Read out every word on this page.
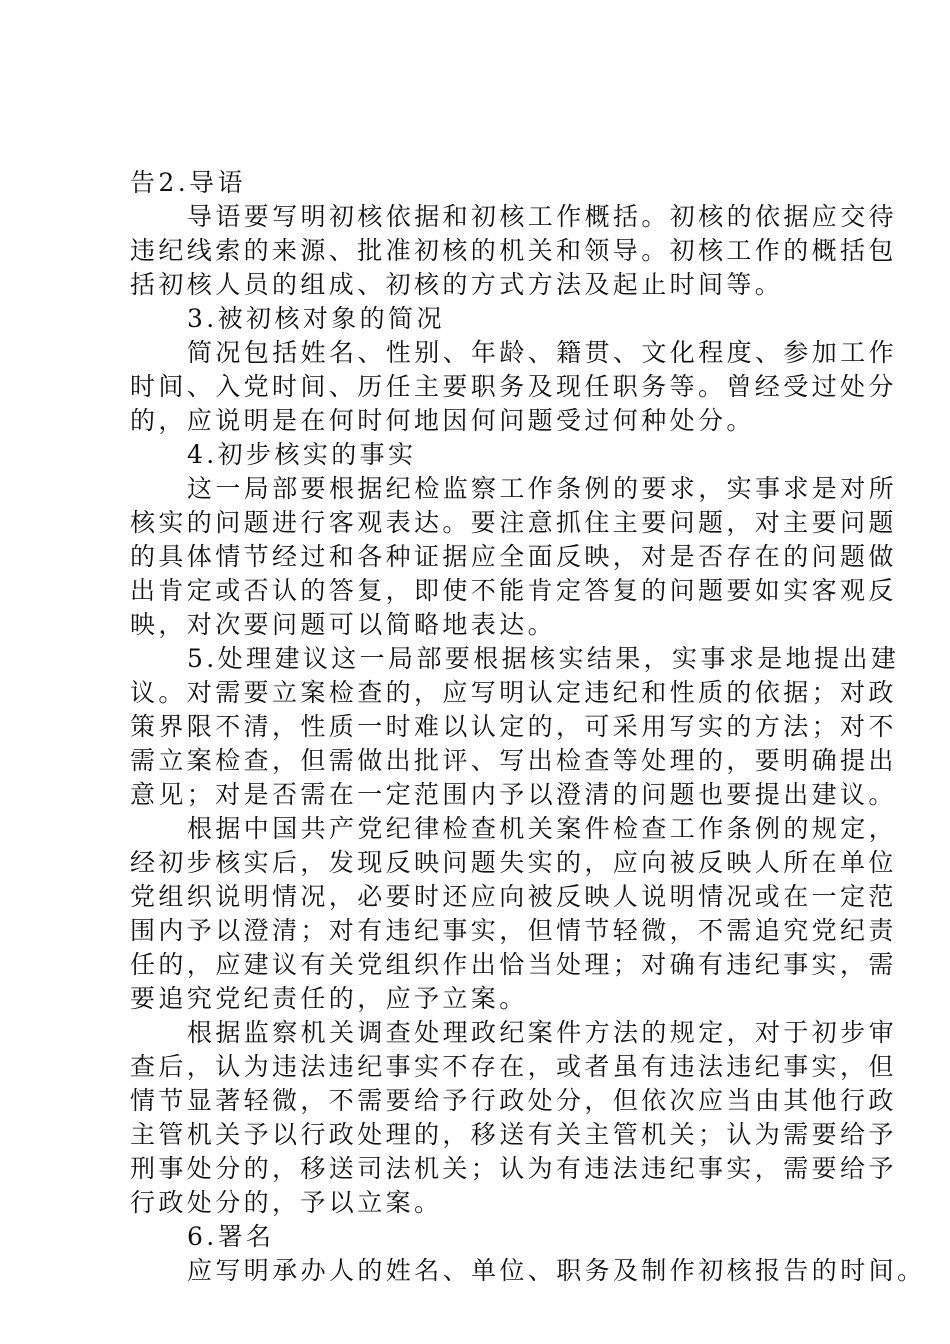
告2.导语
导语要写明初核依据和初核工作概括。初核的依据应交待
违纪线索的来源、批准初核的机关和领导。初核工作的概括包
括初核人员的组成、初核的方式方法及起止时间等。
3.被初核对象的简况
简况包括姓名、性别、年龄、籍贯、文化程度、参加工作
时间、入党时间、历任主要职务及现任职务等。曾经受过处分
的，应说明是在何时何地因何问题受过何种处分。
4.初步核实的事实
这一局部要根据纪检监察工作条例的要求，实事求是对所
核实的问题进行客观表达。要注意抓住主要问题，对主要问题
的具体情节经过和各种证据应全面反映，对是否存在的问题做
出肯定或否认的答复，即使不能肯定答复的问题要如实客观反
映，对次要问题可以简略地表达。
5.处理建议这一局部要根据核实结果，实事求是地提出建
议。对需要立案检查的，应写明认定违纪和性质的依据；对政
策界限不清，性质一时难以认定的，可采用写实的方法；对不
需立案检查，但需做出批评、写出检查等处理的，要明确提出
意见；对是否需在一定范围内予以澄清的问题也要提出建议。
根据中国共产党纪律检查机关案件检查工作条例的规定，
经初步核实后，发现反映问题失实的，应向被反映人所在单位
党组织说明情况，必要时还应向被反映人说明情况或在一定范
围内予以澄清；对有违纪事实，但情节轻微，不需追究党纪责
任的，应建议有关党组织作出恰当处理；对确有违纪事实，需
要追究党纪责任的，应予立案。
根据监察机关调查处理政纪案件方法的规定，对于初步审
查后，认为违法违纪事实不存在，或者虽有违法违纪事实，但
情节显著轻微，不需要给予行政处分，但依次应当由其他行政
主管机关予以行政处理的，移送有关主管机关；认为需要给予
刑事处分的，移送司法机关；认为有违法违纪事实，需要给予
行政处分的，予以立案。
6.署名
应写明承办人的姓名、单位、职务及制作初核报告的时间。
